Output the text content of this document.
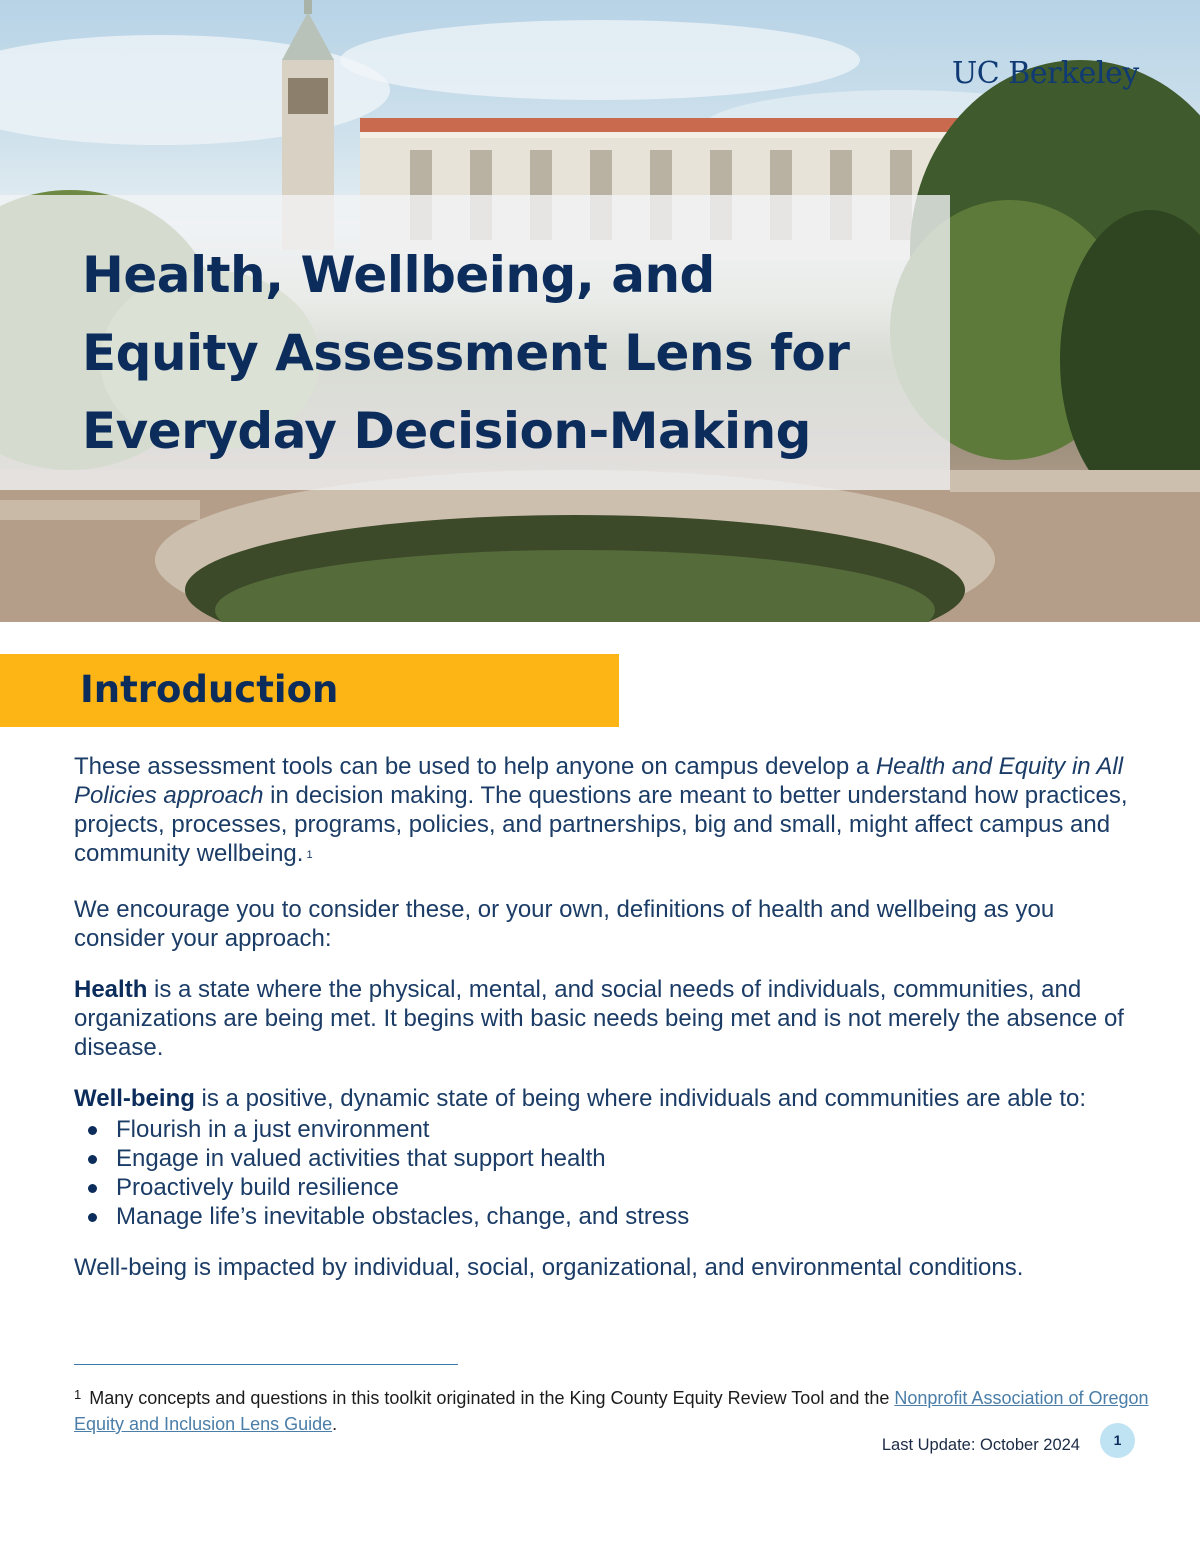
UC Berkeley
Health, Wellbeing, and
Equity Assessment Lens for
Everyday Decision-Making
Introduction

These assessment tools can be used to help anyone on campus develop a Health and Equity in All Policies approach in decision making. The questions are meant to better understand how practices, projects, processes, programs, policies, and partnerships, big and small, might affect campus and community wellbeing. 1

We encourage you to consider these, or your own, definitions of health and wellbeing as you consider your approach:

Health is a state where the physical, mental, and social needs of individuals, communities, and organizations are being met. It begins with basic needs being met and is not merely the absence of disease.

Well-being is a positive, dynamic state of being where individuals and communities are able to:

Flourish in a just environment
Engage in valued activities that support health
Proactively build resilience
Manage life’s inevitable obstacles, change, and stress

Well-being is impacted by individual, social, organizational, and environmental conditions.

$^1$ Many concepts and questions in this toolkit originated in the King County Equity Review Tool and the Nonprofit Association of Oregon Equity and Inclusion Lens Guide.
Last Update: October 2024	1
